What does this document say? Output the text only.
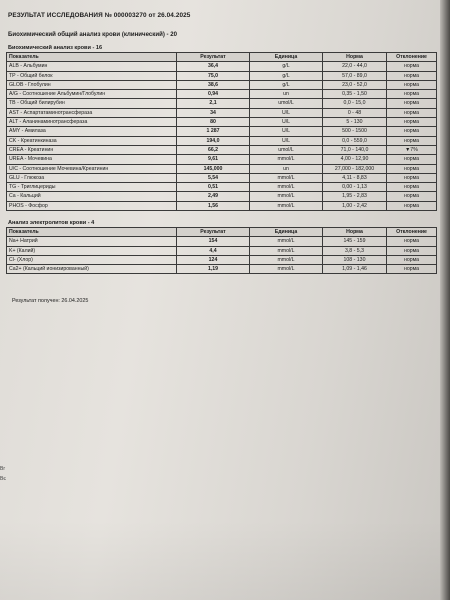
РЕЗУЛЬТАТ ИССЛЕДОВАНИЯ № 000003270 от 26.04.2025
Биохимический общий анализ крови (клинический) - 20
Биохимический анализ крови - 16
Показатель	Результат	Единица	Норма	Отклонение
ALB - Альбумин	36,4	g/L	22,0 - 44,0	норма
TP - Общий белок	75,0	g/L	57,0 - 89,0	норма
GLOB - Глобулин	38,6	g/L	23,0 - 52,0	норма
A/G - Соотношение Альбумин/Глобулин	0,94	un	0,35 - 1,50	норма
TB - Общий билирубин	2,1	umol/L	0,0 - 15,0	норма
AST - Аспартатаминотрансфераза	34	U/L	0 - 48	норма
ALT - Аланинаминотрансфераза	80	U/L	5 - 130	норма
AMY - Амилаза	1 287	U/L	500 - 1500	норма
CK - Креатинкиназа	194,0	U/L	0,0 - 559,0	норма
CREA - Креатинин	66,2	umol/L	71,0 - 140,0	▼7%
UREA - Мочевина	9,61	mmol/L	4,00 - 12,90	норма
U/C - Соотношение Мочевина/Креатинин	145,000	un	27,000 - 182,000	норма
GLU - Глюкоза	5,54	mmol/L	4,11 - 8,83	норма
TG - Триглицериды	0,51	mmol/L	0,00 - 1,13	норма
Ca - Кальций	2,49	mmol/L	1,95 - 2,83	норма
PHOS - Фосфор	1,56	mmol/L	1,00 - 2,42	норма
Анализ электролитов крови - 4
Показатель	Результат	Единица	Норма	Отклонение
Na+ Натрий	154	mmol/L	145 - 159	норма
K+ (Калий)	4,4	mmol/L	3,8 - 5,3	норма
Cl- (Хлор)	124	mmol/L	108 - 130	норма
Ca2+ (Кальций ионизированный)	1,19	mmol/L	1,09 - 1,46	норма
Результат получен: 26.04.2025
Вг
Вє
